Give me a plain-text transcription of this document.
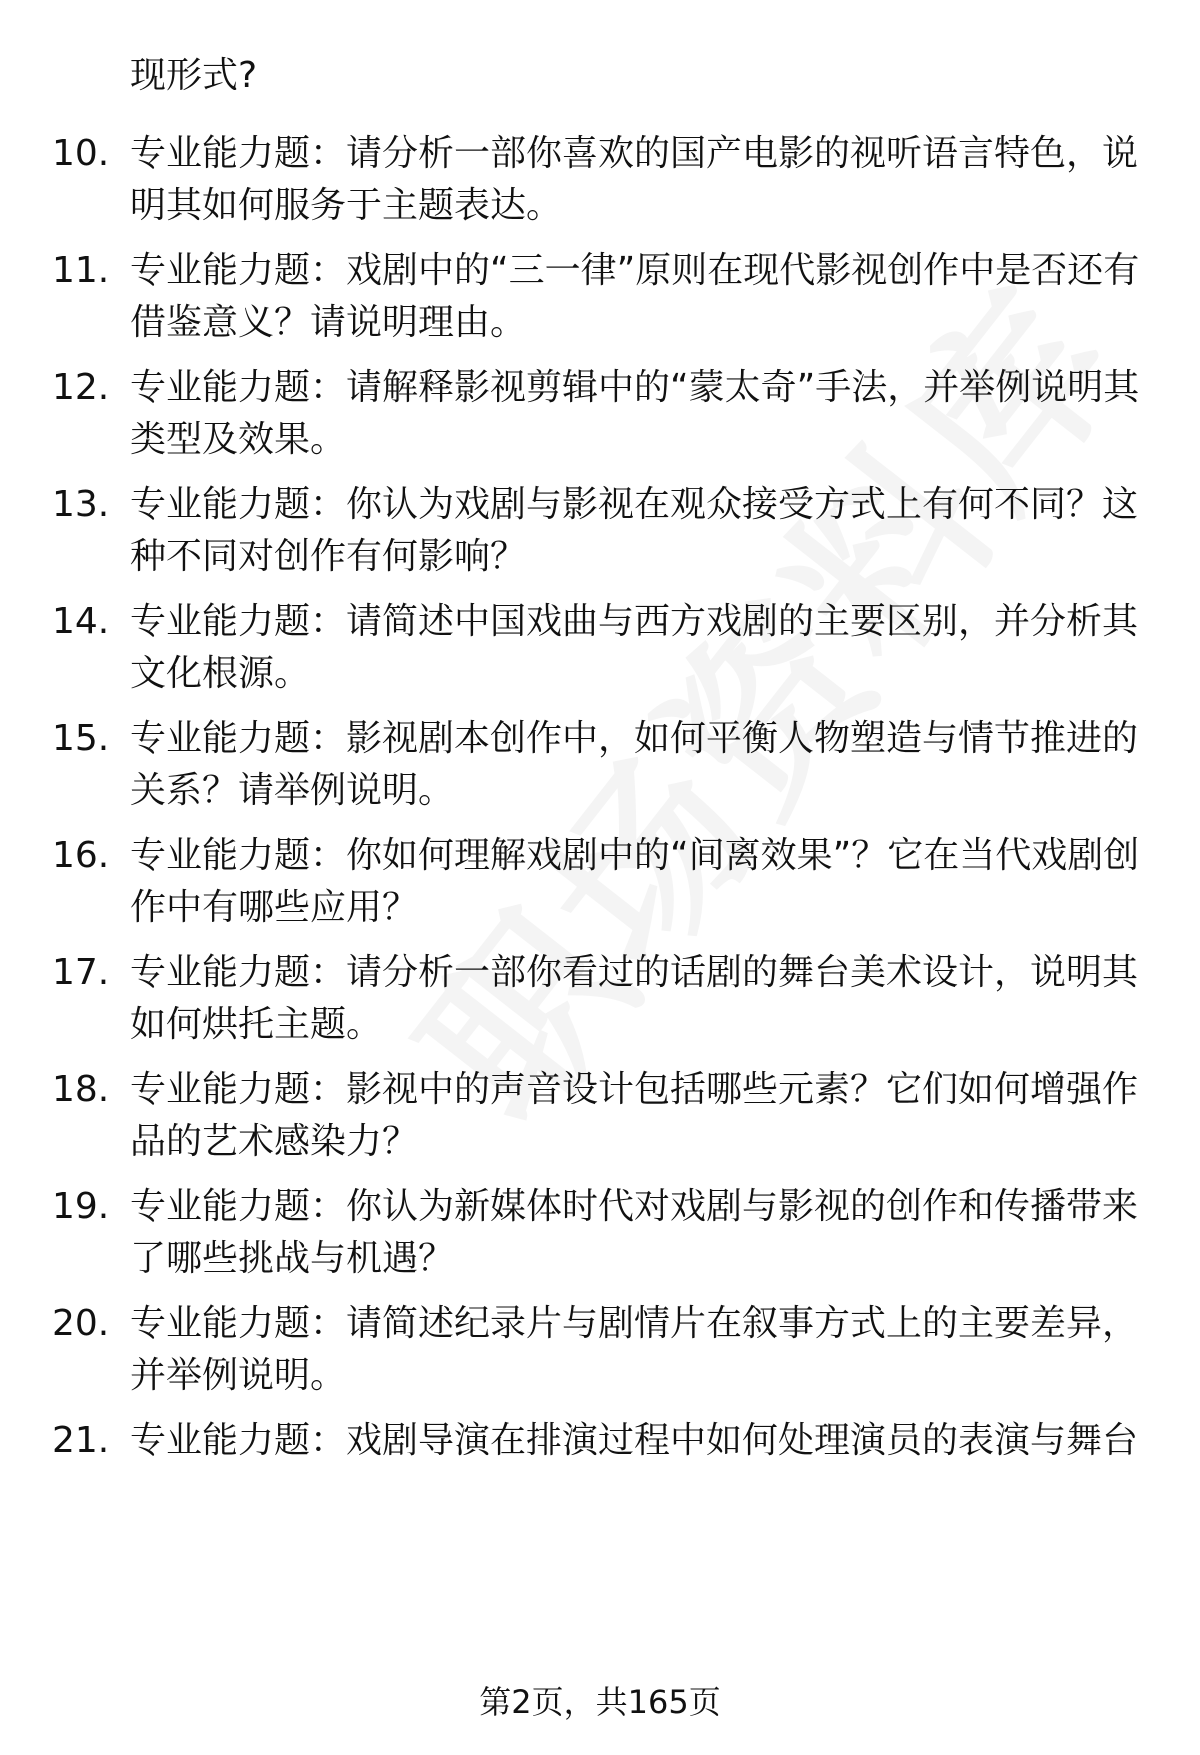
现形式?
10. 专业能力题：请分析一部你喜欢的国产电影的视听语言特色，说明其如何服务于主题表达。
11. 专业能力题：戏剧中的“三一律”原则在现代影视创作中是否还有借鉴意义？请说明理由。
12. 专业能力题：请解释影视剪辑中的“蒙太奇”手法，并举例说明其类型及效果。
13. 专业能力题：你认为戏剧与影视在观众接受方式上有何不同？这种不同对创作有何影响？
14. 专业能力题：请简述中国戏曲与西方戏剧的主要区别，并分析其文化根源。
15. 专业能力题：影视剧本创作中，如何平衡人物塑造与情节推进的关系？请举例说明。
16. 专业能力题：你如何理解戏剧中的“间离效果”？它在当代戏剧创作中有哪些应用？
17. 专业能力题：请分析一部你看过的话剧的舞台美术设计，说明其如何烘托主题。
18. 专业能力题：影视中的声音设计包括哪些元素？它们如何增强作品的艺术感染力？
19. 专业能力题：你认为新媒体时代对戏剧与影视的创作和传播带来了哪些挑战与机遇？
20. 专业能力题：请简述纪录片与剧情片在叙事方式上的主要差异，并举例说明。
21. 专业能力题：戏剧导演在排演过程中如何处理演员的表演与舞台
第2页，共165页
